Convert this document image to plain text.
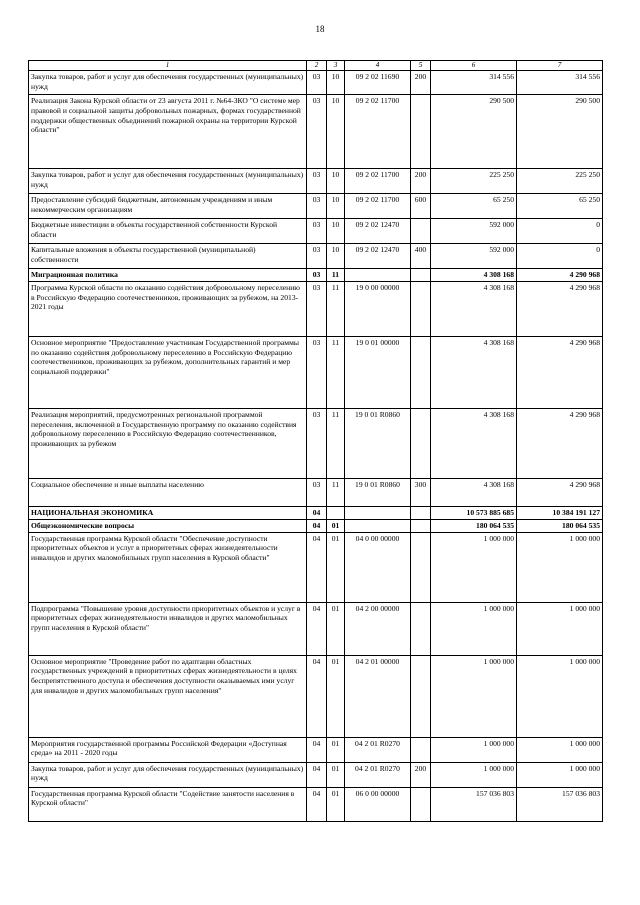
18
1	2	3	4	5	6	7
Закупка товаров, работ и услуг для обеспечения государственных (муниципальных) нужд	03	10	09 2 02 11690	200	314 556	314 556
Реализация Закона Курской области от 23 августа 2011 г. №64-ЗКО "О системе мер правовой и социальной защиты добровольных пожарных, формах государственной поддержки общественных объединений пожарной охраны на территории Курской области"	03	10	09 2 02 11700		290 500	290 500
Закупка товаров, работ и услуг для обеспечения государственных (муниципальных) нужд	03	10	09 2 02 11700	200	225 250	225 250
Предоставление субсидий бюджетным, автономным учреждениям и иным некоммерческим организациям	03	10	09 2 02 11700	600	65 250	65 250
Бюджетные инвестиции в объекты государственной собственности Курской области	03	10	09 2 02 12470		592 000	0
Капитальные вложения в объекты государственной (муниципальной) собственности	03	10	09 2 02 12470	400	592 000	0
Миграционная политика	03	11			4 308 168	4 290 968
Программа Курской области по оказанию содействия добровольному переселению в Российскую Федерацию соотечественников, проживающих за рубежом, на 2013-2021 годы	03	11	19 0 00 00000		4 308 168	4 290 968
Основное мероприятие "Предоставление участникам Государственной программы по оказанию содействия добровольному переселению в Российскую Федерацию соотечественников, проживающих за рубежом, дополнительных гарантий и мер социальной поддержки"	03	11	19 0 01 00000		4 308 168	4 290 968
Реализация мероприятий, предусмотренных региональной программой переселения, включенной в Государственную программу по оказанию содействия добровольному переселению в Российскую Федерацию соотечественников, проживающих за рубежом	03	11	19 0 01 R0860		4 308 168	4 290 968
Социальное обеспечение и иные выплаты населению	03	11	19 0 01 R0860	300	4 308 168	4 290 968
НАЦИОНАЛЬНАЯ ЭКОНОМИКА	04				10 573 885 685	10 384 191 127
Общеэкономические вопросы	04	01			180 064 535	180 064 535
Государственная программа Курской области "Обеспечение доступности приоритетных объектов и услуг в приоритетных сферах жизнедеятельности инвалидов и других маломобильных групп населения в Курской области"	04	01	04 0 00 00000		1 000 000	1 000 000
Подпрограмма "Повышение уровня доступности приоритетных объектов и услуг в приоритетных сферах жизнедеятельности инвалидов и других маломобильных групп населения в Курской области"	04	01	04 2 00 00000		1 000 000	1 000 000
Основное мероприятие "Проведение работ по адаптации областных государственных учреждений в приоритетных сферах жизнедеятельности в целях беспрепятственного доступа и обеспечения доступности оказываемых ими услуг для инвалидов и других маломобильных групп населения"	04	01	04 2 01 00000		1 000 000	1 000 000
Мероприятия государственной программы Российской Федерации «Доступная среда» на 2011 - 2020 годы	04	01	04 2 01 R0270		1 000 000	1 000 000
Закупка товаров, работ и услуг для обеспечения государственных (муниципальных) нужд	04	01	04 2 01 R0270	200	1 000 000	1 000 000
Государственная программа Курской области "Содействие занятости населения в Курской области"	04	01	06 0 00 00000		157 036 803	157 036 803
